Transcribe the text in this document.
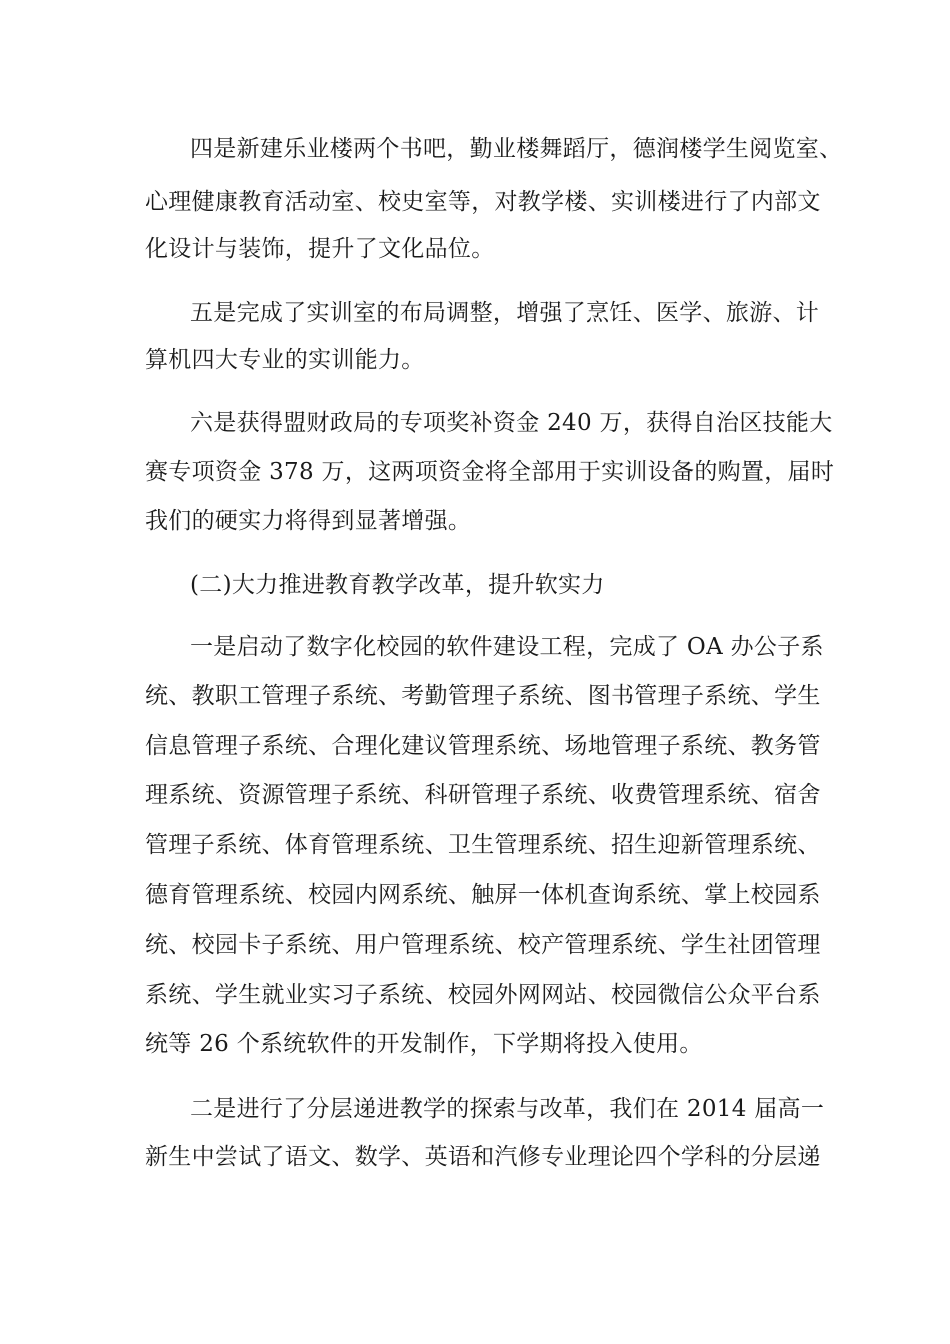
四是新建乐业楼两个书吧，勤业楼舞蹈厅，德润楼学生阅览室、
心理健康教育活动室、校史室等，对教学楼、实训楼进行了内部文
化设计与装饰，提升了文化品位。
五是完成了实训室的布局调整，增强了烹饪、医学、旅游、计
算机四大专业的实训能力。
六是获得盟财政局的专项奖补资金 240 万，获得自治区技能大
赛专项资金 378 万，这两项资金将全部用于实训设备的购置，届时
我们的硬实力将得到显著增强。
(二)大力推进教育教学改革，提升软实力
一是启动了数字化校园的软件建设工程，完成了 OA 办公子系
统、教职工管理子系统、考勤管理子系统、图书管理子系统、学生
信息管理子系统、合理化建议管理系统、场地管理子系统、教务管
理系统、资源管理子系统、科研管理子系统、收费管理系统、宿舍
管理子系统、体育管理系统、卫生管理系统、招生迎新管理系统、
德育管理系统、校园内网系统、触屏一体机查询系统、掌上校园系
统、校园卡子系统、用户管理系统、校产管理系统、学生社团管理
系统、学生就业实习子系统、校园外网网站、校园微信公众平台系
统等 26 个系统软件的开发制作，下学期将投入使用。
二是进行了分层递进教学的探索与改革，我们在 2014 届高一
新生中尝试了语文、数学、英语和汽修专业理论四个学科的分层递
